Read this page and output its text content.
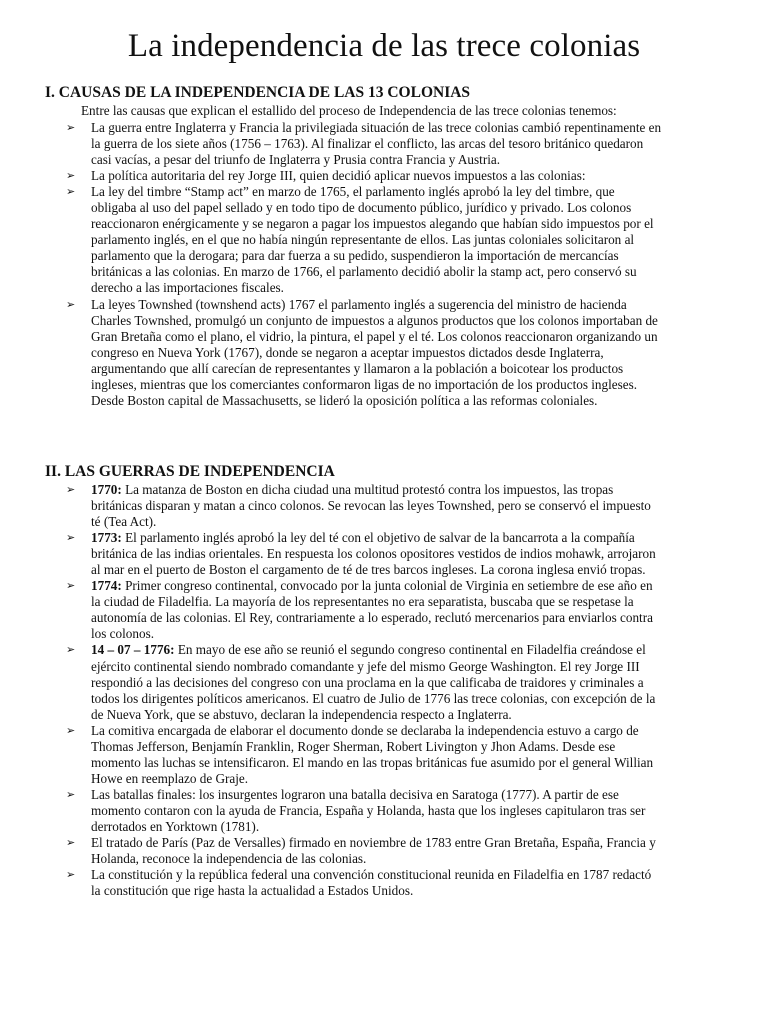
La independencia de las trece colonias
I. CAUSAS DE LA INDEPENDENCIA DE LAS 13 COLONIAS

Entre las causas que explican el estallido del proceso de Independencia de las trece colonias tenemos:

➢ La guerra entre Inglaterra y Francia la privilegiada situación de las trece colonias cambió repentinamente en la guerra de los siete años (1756 – 1763). Al finalizar el conflicto, las arcas del tesoro británico quedaron casi vacías, a pesar del triunfo de Inglaterra y Prusia contra Francia y Austria.
➢ La política autoritaria del rey Jorge III, quien decidió aplicar nuevos impuestos a las colonias:
➢ La ley del timbre “Stamp act” en marzo de 1765, el parlamento inglés aprobó la ley del timbre, que obligaba al uso del papel sellado y en todo tipo de documento público, jurídico y privado. Los colonos reaccionaron enérgicamente y se negaron a pagar los impuestos alegando que habían sido impuestos por el parlamento inglés, en el que no había ningún representante de ellos. Las juntas coloniales solicitaron al parlamento que la derogara; para dar fuerza a su pedido, suspendieron la importación de mercancías británicas a las colonias. En marzo de 1766, el parlamento decidió abolir la stamp act, pero conservó su derecho a las importaciones fiscales.
➢ La leyes Townshed (townshend acts) 1767 el parlamento inglés a sugerencia del ministro de hacienda Charles Townshed, promulgó un conjunto de impuestos a algunos productos que los colonos importaban de Gran Bretaña como el plano, el vidrio, la pintura, el papel y el té. Los colonos reaccionaron organizando un congreso en Nueva York (1767), donde se negaron a aceptar impuestos dictados desde Inglaterra, argumentando que allí carecían de representantes y llamaron a la población a boicotear los productos ingleses, mientras que los comerciantes conformaron ligas de no importación de los productos ingleses. Desde Boston capital de Massachusetts, se lideró la oposición política a las reformas coloniales.
II. LAS GUERRAS DE INDEPENDENCIA
➢ 1770: La matanza de Boston en dicha ciudad una multitud protestó contra los impuestos, las tropas británicas disparan y matan a cinco colonos. Se revocan las leyes Townshed, pero se conservó el impuesto té (Tea Act).
➢ 1773: El parlamento inglés aprobó la ley del té con el objetivo de salvar de la bancarrota a la compañía británica de las indias orientales. En respuesta los colonos opositores vestidos de indios mohawk, arrojaron al mar en el puerto de Boston el cargamento de té de tres barcos ingleses. La corona inglesa envió tropas.
➢ 1774: Primer congreso continental, convocado por la junta colonial de Virginia en setiembre de ese año en la ciudad de Filadelfia. La mayoría de los representantes no era separatista, buscaba que se respetase la autonomía de las colonias. El Rey, contrariamente a lo esperado, reclutó mercenarios para enviarlos contra los colonos.
➢ 14 – 07 – 1776: En mayo de ese año se reunió el segundo congreso continental en Filadelfia creándose el ejército continental siendo nombrado comandante y jefe del mismo George Washington. El rey Jorge III respondió a las decisiones del congreso con una proclama en la que calificaba de traidores y criminales a todos los dirigentes políticos americanos. El cuatro de Julio de 1776 las trece colonias, con excepción de la de Nueva York, que se abstuvo, declaran la independencia respecto a Inglaterra.
➢ La comitiva encargada de elaborar el documento donde se declaraba la independencia estuvo a cargo de Thomas Jefferson, Benjamín Franklin, Roger Sherman, Robert Livington y Jhon Adams. Desde ese momento las luchas se intensificaron. El mando en las tropas británicas fue asumido por el general Willian Howe en reemplazo de Graje.
➢ Las batallas finales: los insurgentes lograron una batalla decisiva en Saratoga (1777). A partir de ese momento contaron con la ayuda de Francia, España y Holanda, hasta que los ingleses capitularon tras ser derrotados en Yorktown (1781).
➢ El tratado de París (Paz de Versalles) firmado en noviembre de 1783 entre Gran Bretaña, España, Francia y Holanda, reconoce la independencia de las colonias.
➢ La constitución y la república federal una convención constitucional reunida en Filadelfia en 1787 redactó la constitución que rige hasta la actualidad a Estados Unidos.
